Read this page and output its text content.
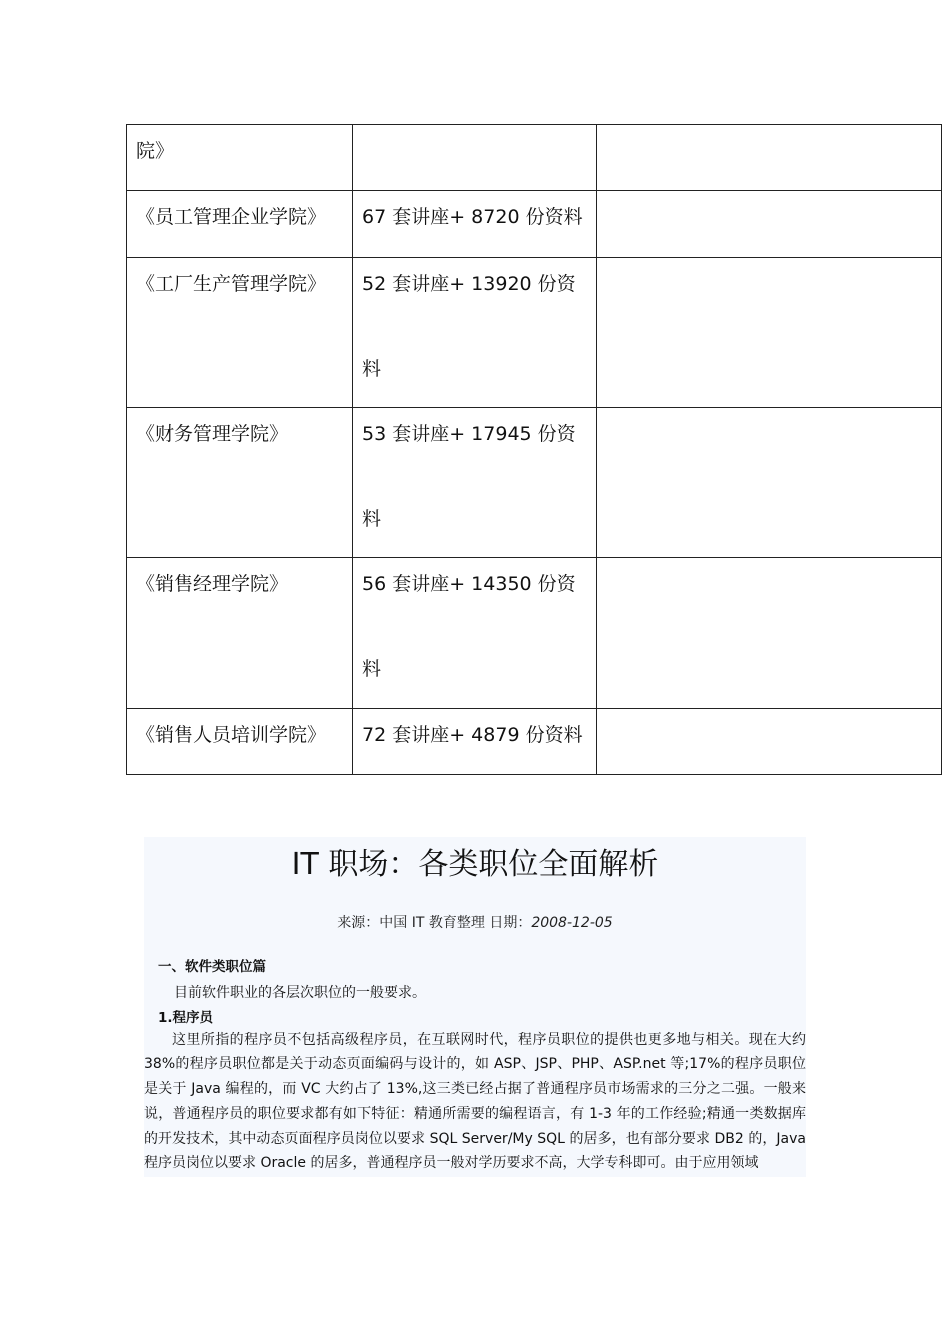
院》	

《员工管理企业学院》	67 套讲座+ 8720 份资料	

《工厂生产管理学院》	52 套讲座+ 13920 份资
料	

《财务管理学院》	53 套讲座+ 17945 份资
料	

《销售经理学院》	56 套讲座+ 14350 份资
料	

《销售人员培训学院》	72 套讲座+ 4879 份资料	

IT 职场：各类职位全面解析
来源：中国 IT 教育整理 日期：2008-12-05
一、软件类职位篇
目前软件职业的各层次职位的一般要求。
1.程序员

这里所指的程序员不包括高级程序员，在互联网时代，程序员职位的提供也更多地与相关。现在大约38%的程序员职位都是关于动态页面编码与设计的，如 ASP、JSP、PHP、ASP.net 等;17%的程序员职位是关于 Java 编程的，而 VC 大约占了 13%,这三类已经占据了普通程序员市场需求的三分之二强。一般来说，普通程序员的职位要求都有如下特征：精通所需要的编程语言，有 1-3 年的工作经验;精通一类数据库的开发技术，其中动态页面程序员岗位以要求 SQL Server/My SQL 的居多，也有部分要求 DB2 的，Java 程序员岗位以要求 Oracle 的居多，普通程序员一般对学历要求不高，大学专科即可。由于应用领域
